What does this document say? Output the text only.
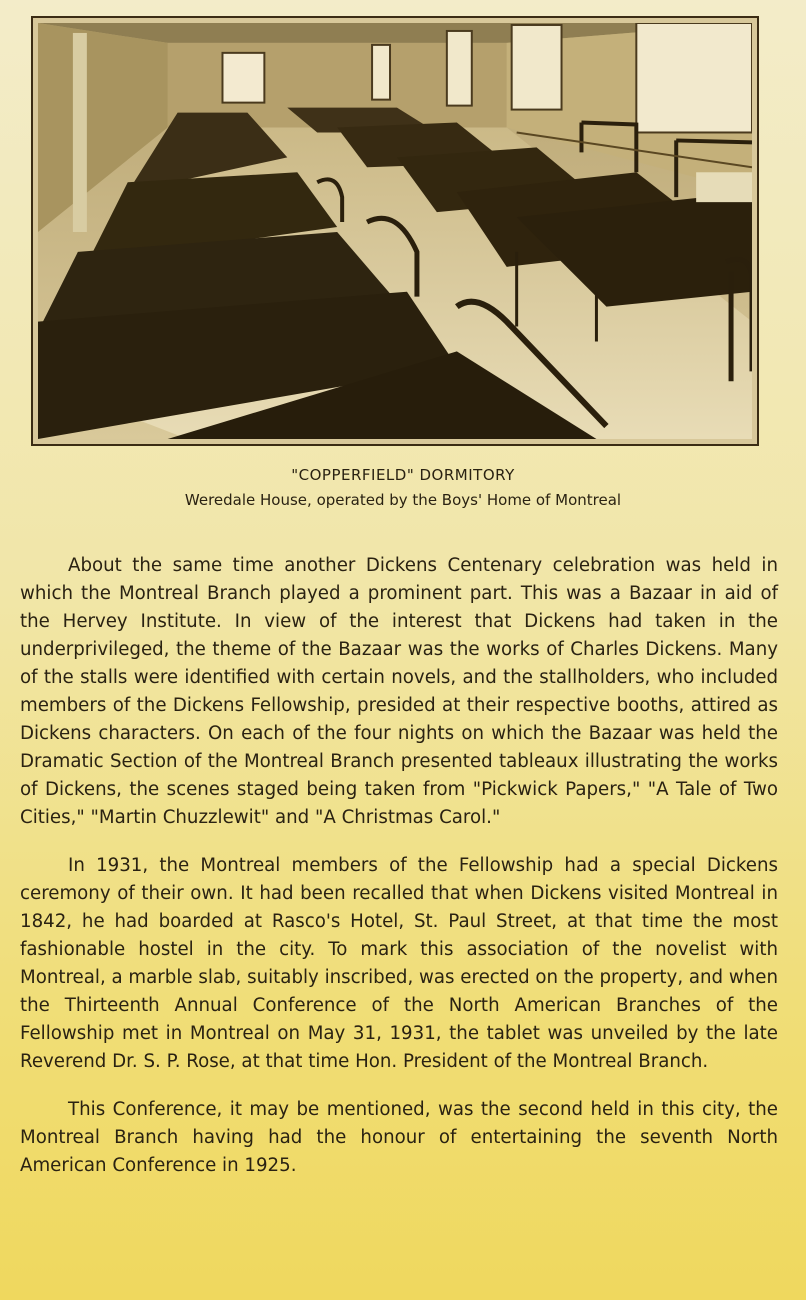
"COPPERFIELD" DORMITORY
Weredale House, operated by the Boys' Home of Montreal

About the same time another Dickens Centenary celebration was held in which the Montreal Branch played a prominent part. This was a Bazaar in aid of the Hervey Institute. In view of the interest that Dickens had taken in the underprivileged, the theme of the Bazaar was the works of Charles Dickens. Many of the stalls were identified with certain novels, and the stallholders, who included members of the Dickens Fellowship, presided at their respective booths, attired as Dickens characters. On each of the four nights on which the Bazaar was held the Dramatic Section of the Montreal Branch presented tableaux illustrating the works of Dickens, the scenes staged being taken from "Pickwick Papers," "A Tale of Two Cities," "Martin Chuzzlewit" and "A Christmas Carol."

In 1931, the Montreal members of the Fellowship had a special Dickens ceremony of their own. It had been recalled that when Dickens visited Montreal in 1842, he had boarded at Rasco's Hotel, St. Paul Street, at that time the most fashionable hostel in the city. To mark this association of the novelist with Montreal, a marble slab, suitably inscribed, was erected on the property, and when the Thirteenth Annual Conference of the North American Branches of the Fellowship met in Montreal on May 31, 1931, the tablet was unveiled by the late Reverend Dr. S. P. Rose, at that time Hon. President of the Montreal Branch.

This Conference, it may be mentioned, was the second held in this city, the Montreal Branch having had the honour of entertaining the seventh North American Conference in 1925.
